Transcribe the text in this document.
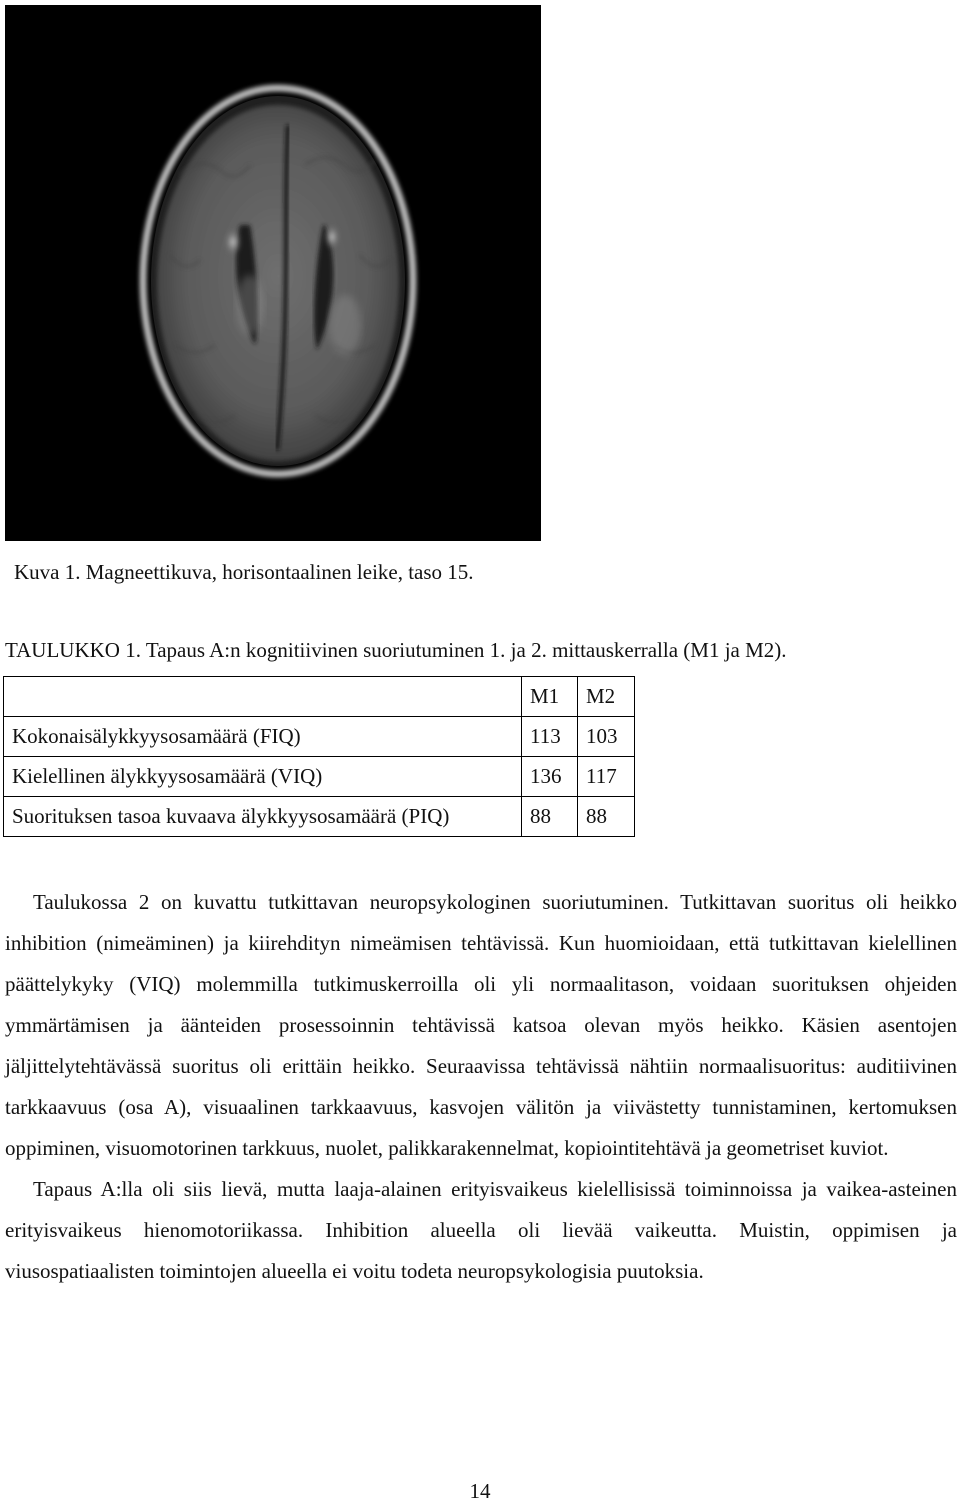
Kuva 1. Magneettikuva, horisontaalinen leike, taso 15.
TAULUKKO 1. Tapaus A:n kognitiivinen suoriutuminen 1. ja 2. mittauskerralla (M1 ja M2).
	M1	M2
Kokonaisälykkyysosamäärä (FIQ)	113	103
Kielellinen älykkyysosamäärä (VIQ)	136	117
Suorituksen tasoa kuvaava älykkyysosamäärä (PIQ)	88	88

Taulukossa 2 on kuvattu tutkittavan neuropsykologinen suoriutuminen. Tutkittavan suoritus oli heikko inhibition (nimeäminen) ja kiirehdityn nimeämisen tehtävissä. Kun huomioidaan, että tutkittavan kielellinen päättelykyky (VIQ) molemmilla tutkimuskerroilla oli yli normaalitason, voidaan suorituksen ohjeiden ymmärtämisen ja äänteiden prosessoinnin tehtävissä katsoa olevan myös heikko. Käsien asentojen jäljittelytehtävässä suoritus oli erittäin heikko. Seuraavissa tehtävissä nähtiin normaalisuoritus: auditiivinen tarkkaavuus (osa A), visuaalinen tarkkaavuus, kasvojen välitön ja viivästetty tunnistaminen, kertomuksen oppiminen, visuomotorinen tarkkuus, nuolet, palikkarakennelmat, kopiointitehtävä ja geometriset kuviot.

Tapaus A:lla oli siis lievä, mutta laaja-alainen erityisvaikeus kielellisissä toiminnoissa ja vaikea-asteinen erityisvaikeus hienomotoriikassa. Inhibition alueella oli lievää vaikeutta. Muistin, oppimisen ja viusospatiaalisten toimintojen alueella ei voitu todeta neuropsykologisia puutoksia.

14
